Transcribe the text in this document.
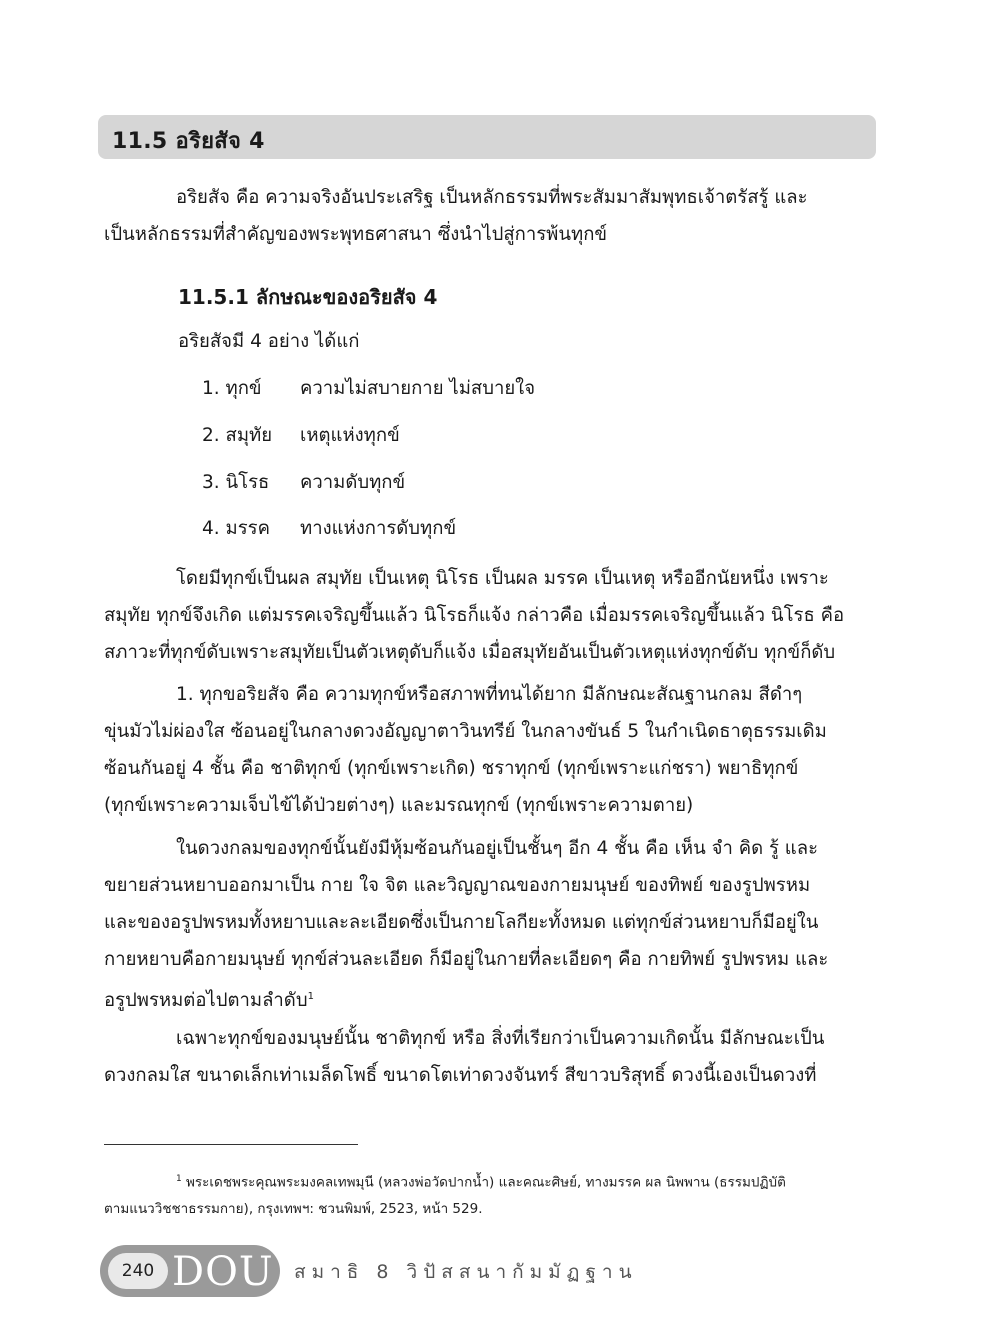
11.5 อริยสัจ 4
อริยสัจ คือ ความจริงอันประเสริฐ เป็นหลักธรรมที่พระสัมมาสัมพุทธเจ้าตรัสรู้ และ
เป็นหลักธรรมที่สำคัญของพระพุทธศาสนา ซึ่งนำไปสู่การพ้นทุกข์
11.5.1 ลักษณะของอริยสัจ 4
อริยสัจมี 4 อย่าง ได้แก่
1. ทุกข์ ความไม่สบายกาย ไม่สบายใจ
2. สมุทัย เหตุแห่งทุกข์
3. นิโรธ ความดับทุกข์
4. มรรค ทางแห่งการดับทุกข์
โดยมีทุกข์เป็นผล สมุทัย เป็นเหตุ นิโรธ เป็นผล มรรค เป็นเหตุ หรืออีกนัยหนึ่ง เพราะ
สมุทัย ทุกข์จึงเกิด แต่มรรคเจริญขึ้นแล้ว นิโรธก็แจ้ง กล่าวคือ เมื่อมรรคเจริญขึ้นแล้ว นิโรธ คือ
สภาวะที่ทุกข์ดับเพราะสมุทัยเป็นตัวเหตุดับก็แจ้ง เมื่อสมุทัยอันเป็นตัวเหตุแห่งทุกข์ดับ ทุกข์ก็ดับ
1. ทุกขอริยสัจ คือ ความทุกข์หรือสภาพที่ทนได้ยาก มีลักษณะสัณฐานกลม สีดำๆ
ขุ่นมัวไม่ผ่องใส ซ้อนอยู่ในกลางดวงอัญญาตาวินทรีย์ ในกลางขันธ์ 5 ในกำเนิดธาตุธรรมเดิม
ซ้อนกันอยู่ 4 ชั้น คือ ชาติทุกข์ (ทุกข์เพราะเกิด) ชราทุกข์ (ทุกข์เพราะแก่ชรา) พยาธิทุกข์
(ทุกข์เพราะความเจ็บไข้ได้ป่วยต่างๆ) และมรณทุกข์ (ทุกข์เพราะความตาย)
ในดวงกลมของทุกข์นั้นยังมีหุ้มซ้อนกันอยู่เป็นชั้นๆ อีก 4 ชั้น คือ เห็น จำ คิด รู้ และ
ขยายส่วนหยาบออกมาเป็น กาย ใจ จิต และวิญญาณของกายมนุษย์ ของทิพย์ ของรูปพรหม
และของอรูปพรหมทั้งหยาบและละเอียดซึ่งเป็นกายโลกียะทั้งหมด แต่ทุกข์ส่วนหยาบก็มีอยู่ใน
กายหยาบคือกายมนุษย์ ทุกข์ส่วนละเอียด ก็มีอยู่ในกายที่ละเอียดๆ คือ กายทิพย์ รูปพรหม และ
อรูปพรหมต่อไปตามลำดับ$^1$
เฉพาะทุกข์ของมนุษย์นั้น ชาติทุกข์ หรือ สิ่งที่เรียกว่าเป็นความเกิดนั้น มีลักษณะเป็น
ดวงกลมใส ขนาดเล็กเท่าเมล็ดโพธิ์ ขนาดโตเท่าดวงจันทร์ สีขาวบริสุทธิ์ ดวงนี้เองเป็นดวงที่
$^1$ พระเดชพระคุณพระมงคลเทพมุนี (หลวงพ่อวัดปากน้ำ) และคณะศิษย์, ทางมรรค ผล นิพพาน (ธรรมปฏิบัติ
ตามแนววิชชาธรรมกาย), กรุงเทพฯ: ชวนพิมพ์, 2523, หน้า 529.
240 DOU สมาธิ 8 วิปัสสนากัมมัฏฐาน
